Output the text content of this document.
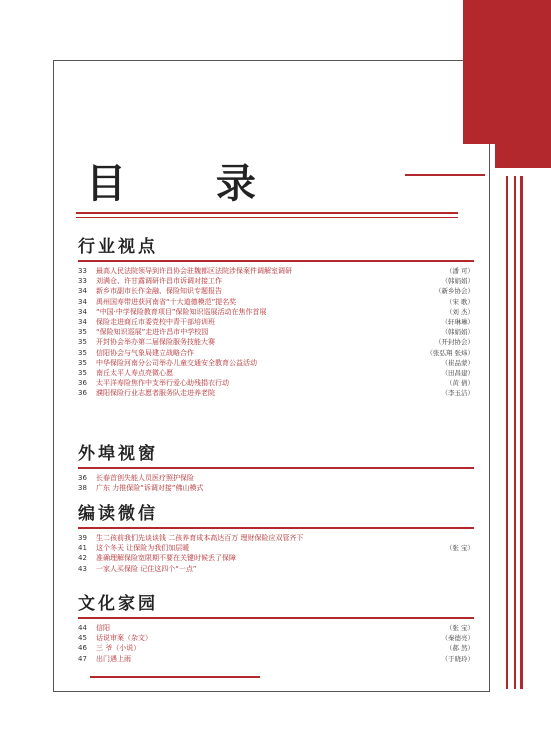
目 录
行业视点
33	最高人民法院领导到许昌协会驻魏都区法院涉保案件调解室调研	（潘 可）
33	刘满仓、许甘露调研许昌市诉调对接工作	（韩娟娟）
34	新乡市副市长作金融、保险知识专题报告	（新乡协会）
34	禹州国寿带进获河南省“十大道德模范”提名奖	（宋 歌）
34	“中国·中学保险教育项目”保险知识巡展活动在焦作首展	（刘 杰）
34	保险走进商丘市委党校中青干部培训班	（轩琳琳）
35	“保险知识巡展”走进许昌市中学校园	（韩娟娟）
35	开封协会举办第二届保险服务技能大赛	（开封协会）
35	信阳协会与气象局建立战略合作	（张弘翔 张炜）
35	中华保险河南分公司举办儿童交通安全教育公益活动	（崔品蒙）
35	南丘太平人寿点亮微心愿	（田昌建）
36	太平洋寿险焦作中支举行爱心助残捐衣行动	（黄 倩）
36	濮阳保险行业志愿者服务队走进养老院	（李玉洁）
外埠视窗
36	长春首创失能人员医疗照护保险
38	广东 力推保险“诉调对接”佛山模式
编读微信
39	生二孩前我们先谈谈钱 二孩养育成本高达百万 理财保险应双管齐下
41	这个冬天 让保险为我们加层暖	（张 宝）
42	准确理解保险宽限期不要在关键时候丢了保障
43	一家人买保险 记住这四个“一点”
文化家园
44	信阳	（张 宝）
45	话说审案（杂文）	（秦德亮）
46	三 爷（小说）	（郝 然）
47	出门遇上雨	（于晓玲）
